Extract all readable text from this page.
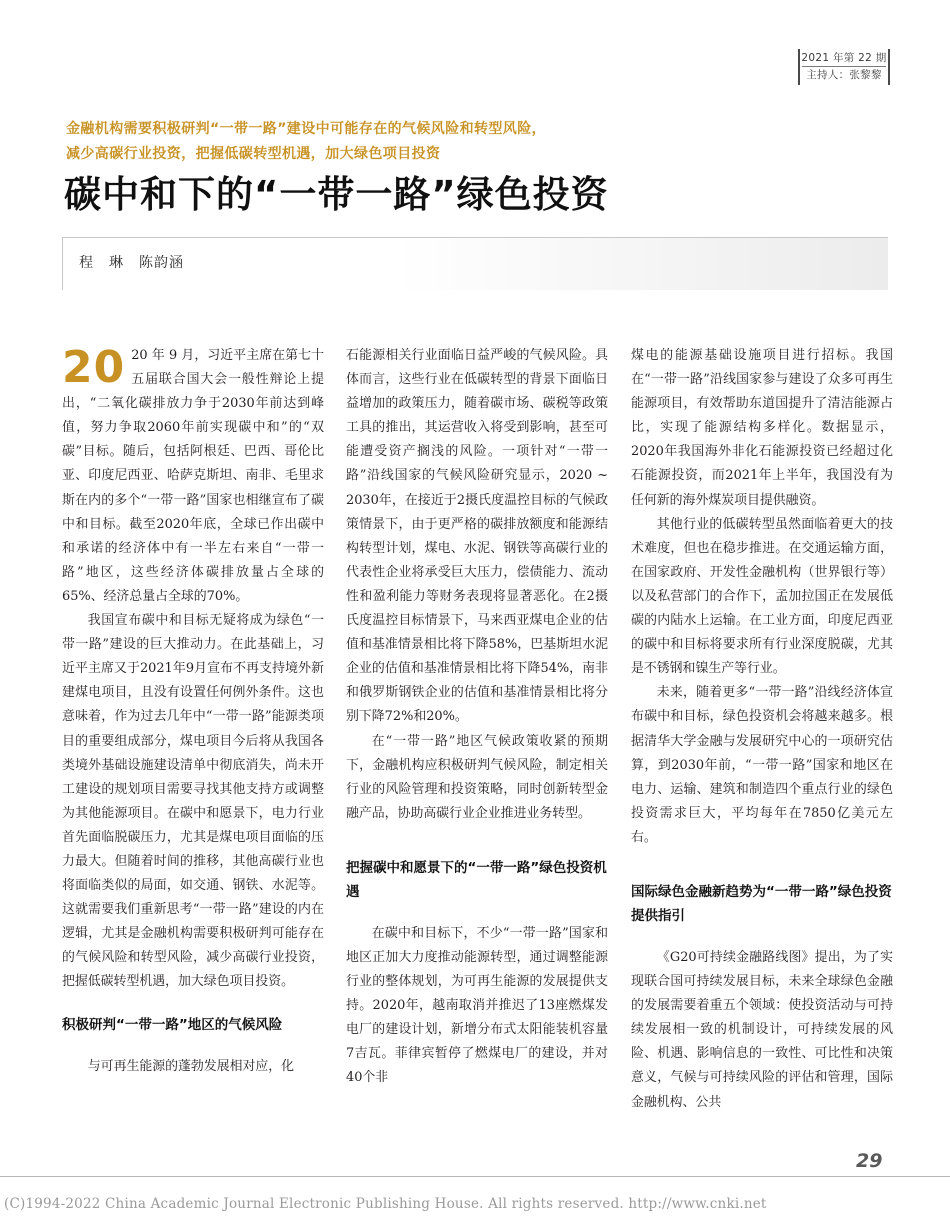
2021 年第 22 期
主持人：张黎黎
金融机构需要积极研判“一带一路”建设中可能存在的气候风险和转型风险，
减少高碳行业投资，把握低碳转型机遇，加大绿色项目投资
碳中和下的“一带一路”绿色投资
程　琳　陈韵涵

20 20 年 9 月，习近平主席在第七十五届联合国大会一般性辩论上提出，“二氧化碳排放力争于2030年前达到峰值，努力争取2060年前实现碳中和”的“双碳”目标。随后，包括阿根廷、巴西、哥伦比亚、印度尼西亚、哈萨克斯坦、南非、毛里求斯在内的多个“一带一路”国家也相继宣布了碳中和目标。截至2020年底，全球已作出碳中和承诺的经济体中有一半左右来自“一带一路”地区，这些经济体碳排放量占全球的65%、经济总量占全球的70%。

我国宣布碳中和目标无疑将成为绿色“一带一路”建设的巨大推动力。在此基础上，习近平主席又于2021年9月宣布不再支持境外新建煤电项目，且没有设置任何例外条件。这也意味着，作为过去几年中“一带一路”能源类项目的重要组成部分，煤电项目今后将从我国各类境外基础设施建设清单中彻底消失，尚未开工建设的规划项目需要寻找其他支持方或调整为其他能源项目。在碳中和愿景下，电力行业首先面临脱碳压力，尤其是煤电项目面临的压力最大。但随着时间的推移，其他高碳行业也将面临类似的局面，如交通、钢铁、水泥等。这就需要我们重新思考“一带一路”建设的内在逻辑，尤其是金融机构需要积极研判可能存在的气候风险和转型风险，减少高碳行业投资，把握低碳转型机遇，加大绿色项目投资。

积极研判“一带一路”地区的气候风险

与可再生能源的蓬勃发展相对应，化

石能源相关行业面临日益严峻的气候风险。具体而言，这些行业在低碳转型的背景下面临日益增加的政策压力，随着碳市场、碳税等政策工具的推出，其运营收入将受到影响，甚至可能遭受资产搁浅的风险。一项针对“一带一路”沿线国家的气候风险研究显示，2020 ~ 2030年，在接近于2摄氏度温控目标的气候政策情景下，由于更严格的碳排放额度和能源结构转型计划，煤电、水泥、钢铁等高碳行业的代表性企业将承受巨大压力，偿债能力、流动性和盈利能力等财务表现将显著恶化。在2摄氏度温控目标情景下，马来西亚煤电企业的估值和基准情景相比将下降58%，巴基斯坦水泥企业的估值和基准情景相比将下降54%，南非和俄罗斯钢铁企业的估值和基准情景相比将分别下降72%和20%。

在“一带一路”地区气候政策收紧的预期下，金融机构应积极研判气候风险，制定相关行业的风险管理和投资策略，同时创新转型金融产品，协助高碳行业企业推进业务转型。

把握碳中和愿景下的“一带一路”绿色投资机遇

在碳中和目标下，不少“一带一路”国家和地区正加大力度推动能源转型，通过调整能源行业的整体规划，为可再生能源的发展提供支持。2020年，越南取消并推迟了13座燃煤发电厂的建设计划，新增分布式太阳能装机容量7吉瓦。菲律宾暂停了燃煤电厂的建设，并对40个非

煤电的能源基础设施项目进行招标。我国在“一带一路”沿线国家参与建设了众多可再生能源项目，有效帮助东道国提升了清洁能源占比，实现了能源结构多样化。数据显示，2020年我国海外非化石能源投资已经超过化石能源投资，而2021年上半年，我国没有为任何新的海外煤炭项目提供融资。

其他行业的低碳转型虽然面临着更大的技术难度，但也在稳步推进。在交通运输方面，在国家政府、开发性金融机构（世界银行等）以及私营部门的合作下，孟加拉国正在发展低碳的内陆水上运输。在工业方面，印度尼西亚的碳中和目标将要求所有行业深度脱碳，尤其是不锈钢和镍生产等行业。

未来，随着更多“一带一路”沿线经济体宣布碳中和目标，绿色投资机会将越来越多。根据清华大学金融与发展研究中心的一项研究估算，到2030年前，“一带一路”国家和地区在电力、运输、建筑和制造四个重点行业的绿色投资需求巨大，平均每年在7850亿美元左右。

国际绿色金融新趋势为“一带一路”绿色投资提供指引

《G20可持续金融路线图》提出，为了实现联合国可持续发展目标，未来全球绿色金融的发展需要着重五个领域：使投资活动与可持续发展相一致的机制设计，可持续发展的风险、机遇、影响信息的一致性、可比性和决策意义，气候与可持续风险的评估和管理，国际金融机构、公共

29
(C)1994-2022 China Academic Journal Electronic Publishing House. All rights reserved. http://www.cnki.net
